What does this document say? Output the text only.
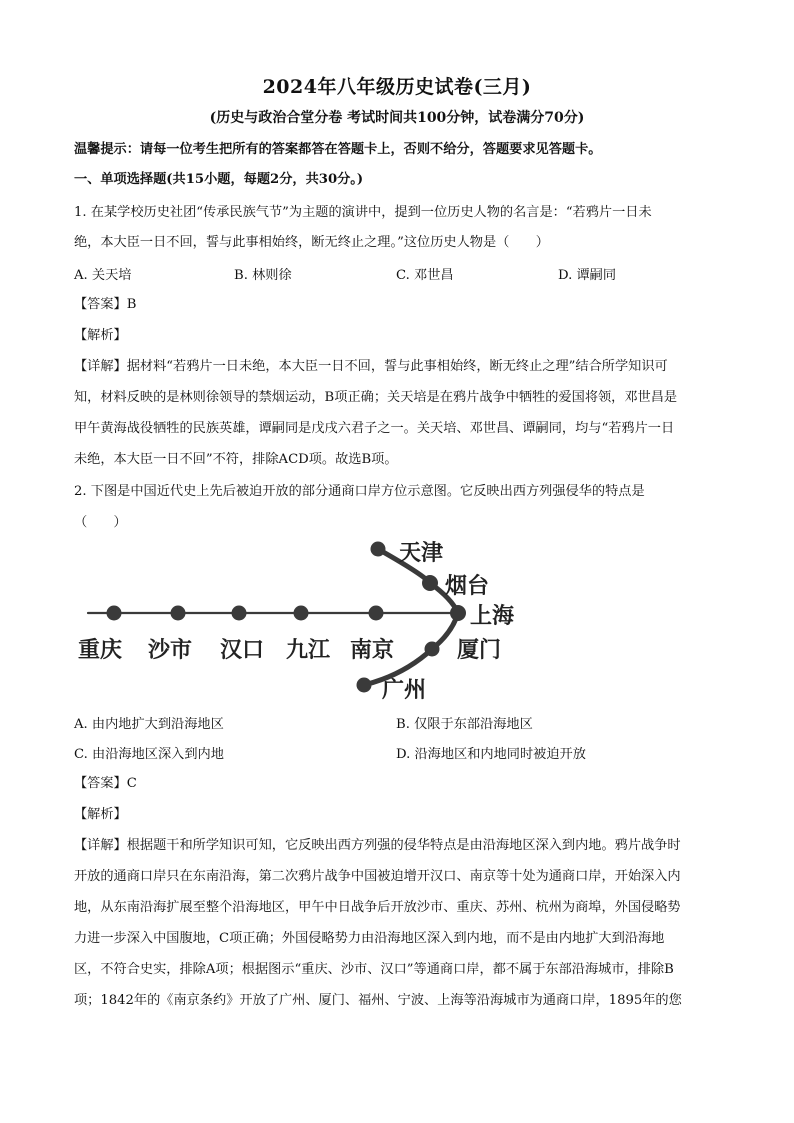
2024年八年级历史试卷(三月)
(历史与政治合堂分卷 考试时间共100分钟，试卷满分70分)
温馨提示：请每一位考生把所有的答案都答在答题卡上，否则不给分，答题要求见答题卡。
一、单项选择题(共15小题，每题2分，共30分。)
1. 在某学校历史社团“传承民族气节”为主题的演讲中，提到一位历史人物的名言是：“若鸦片一日未
绝，本大臣一日不回，誓与此事相始终，断无终止之理。”这位历史人物是（　　）
A. 关天培	B. 林则徐	C. 邓世昌	D. 谭嗣同
【答案】B
【解析】
【详解】据材料“若鸦片一日未绝，本大臣一日不回，誓与此事相始终，断无终止之理”结合所学知识可
知，材料反映的是林则徐领导的禁烟运动，B项正确；关天培是在鸦片战争中牺牲的爱国将领，邓世昌是
甲午黄海战役牺牲的民族英雄，谭嗣同是戊戌六君子之一。关天培、邓世昌、谭嗣同，均与“若鸦片一日
未绝，本大臣一日不回”不符，排除ACD项。故选B项。
2. 下图是中国近代史上先后被迫开放的部分通商口岸方位示意图。它反映出西方列强侵华的特点是
（　　）
天津
烟台
上海
重庆 沙市 汉口 九江 南京	厦门
广州
A. 由内地扩大到沿海地区	B. 仅限于东部沿海地区
C. 由沿海地区深入到内地	D. 沿海地区和内地同时被迫开放
【答案】C
【解析】
【详解】根据题干和所学知识可知，它反映出西方列强的侵华特点是由沿海地区深入到内地。鸦片战争时
开放的通商口岸只在东南沿海，第二次鸦片战争中国被迫增开汉口、南京等十处为通商口岸，开始深入内
地，从东南沿海扩展至整个沿海地区，甲午中日战争后开放沙市、重庆、苏州、杭州为商埠，外国侵略势
力进一步深入中国腹地，C项正确；外国侵略势力由沿海地区深入到内地，而不是由内地扩大到沿海地
区，不符合史实，排除A项；根据图示“重庆、沙市、汉口”等通商口岸，都不属于东部沿海城市，排除B
项；1842年的《南京条约》开放了广州、厦门、福州、宁波、上海等沿海城市为通商口岸，1895年的您
